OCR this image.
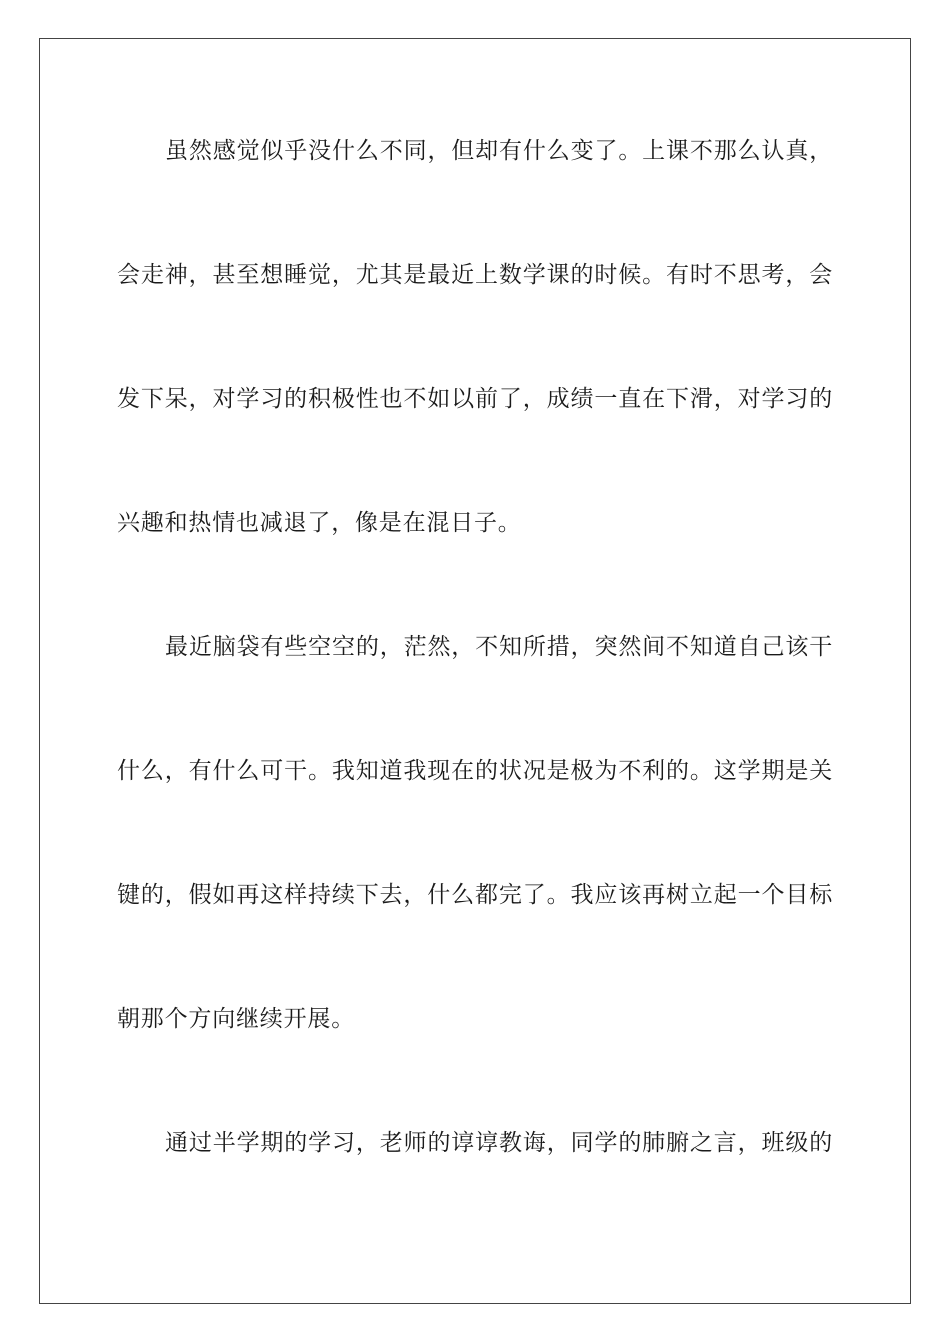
虽然感觉似乎没什么不同，但却有什么变了。上课不那么认真，
会走神，甚至想睡觉，尤其是最近上数学课的时候。有时不思考，会
发下呆，对学习的积极性也不如以前了，成绩一直在下滑，对学习的
兴趣和热情也减退了，像是在混日子。
最近脑袋有些空空的，茫然，不知所措，突然间不知道自己该干
什么，有什么可干。我知道我现在的状况是极为不利的。这学期是关
键的，假如再这样持续下去，什么都完了。我应该再树立起一个目标
朝那个方向继续开展。
通过半学期的学习，老师的谆谆教诲，同学的肺腑之言，班级的
